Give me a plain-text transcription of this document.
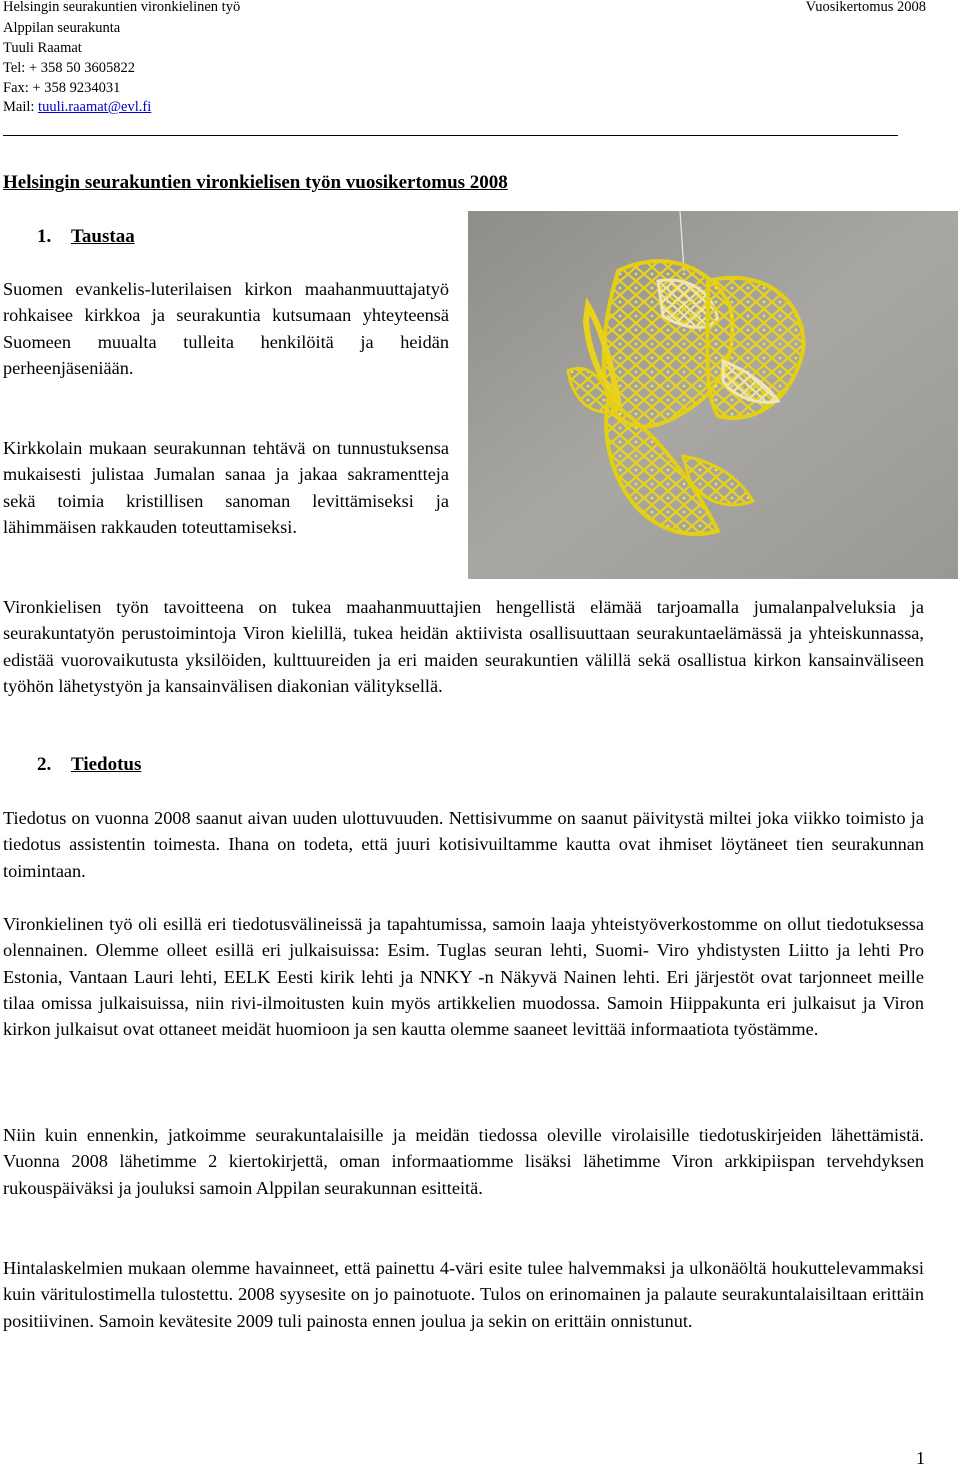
Helsingin seurakuntien vironkielinen työ	Vuosikertomus 2008
Alppilan seurakunta
Tuuli Raamat
Tel: + 358 50 3605822
Fax: + 358 9234031
Mail: tuuli.raamat@evl.fi
Helsingin seurakuntien vironkielisen työn vuosikertomus 2008
1. Taustaa
Suomen evankelis-luterilaisen kirkon maahanmuuttajatyö rohkaisee kirkkoa ja seurakuntia kutsumaan yhteyteensä Suomeen muualta tulleita henkilöitä ja heidän perheenjäseniään.
Kirkkolain mukaan seurakunnan tehtävä on tunnustuksensa mukaisesti julistaa Jumalan sanaa ja jakaa sakramentteja sekä toimia kristillisen sanoman levittämiseksi ja lähimmäisen rakkauden toteuttamiseksi.
Vironkielisen työn tavoitteena on tukea maahanmuuttajien hengellistä elämää tarjoamalla jumalanpalveluksia ja seurakuntatyön perustoimintoja Viron kielillä, tukea heidän aktiivista osallisuuttaan seurakuntaelämässä ja yhteiskunnassa, edistää vuorovaikutusta yksilöiden, kulttuureiden ja eri maiden seurakuntien välillä sekä osallistua kirkon kansainväliseen työhön lähetystyön ja kansainvälisen diakonian välityksellä.
2. Tiedotus
Tiedotus on vuonna 2008 saanut aivan uuden ulottuvuuden. Nettisivumme on saanut päivitystä miltei joka viikko toimisto ja tiedotus assistentin toimesta. Ihana on todeta, että juuri kotisivuiltamme kautta ovat ihmiset löytäneet tien seurakunnan toimintaan.
Vironkielinen työ oli esillä eri tiedotusvälineissä ja tapahtumissa, samoin laaja yhteistyöverkostomme on ollut tiedotuksessa olennainen. Olemme olleet esillä eri julkaisuissa: Esim. Tuglas seuran lehti, Suomi- Viro yhdistysten Liitto ja lehti Pro Estonia, Vantaan Lauri lehti, EELK Eesti kirik lehti ja NNKY -n Näkyvä Nainen lehti. Eri järjestöt ovat tarjonneet meille tilaa omissa julkaisuissa, niin rivi-ilmoitusten kuin myös artikkelien muodossa. Samoin Hiippakunta eri julkaisut ja Viron kirkon julkaisut ovat ottaneet meidät huomioon ja sen kautta olemme saaneet levittää informaatiota työstämme.
Niin kuin ennenkin, jatkoimme seurakuntalaisille ja meidän tiedossa oleville virolaisille tiedotuskirjeiden lähettämistä. Vuonna 2008 lähetimme 2 kiertokirjettä, oman informaatiomme lisäksi lähetimme Viron arkkipiispan tervehdyksen rukouspäiväksi ja jouluksi samoin Alppilan seurakunnan esitteitä.
Hintalaskelmien mukaan olemme havainneet, että painettu 4-väri esite tulee halvemmaksi ja ulkonäöltä houkuttelevammaksi kuin väritulostimella tulostettu. 2008 syysesite on jo painotuote. Tulos on erinomainen ja palaute seurakuntalaisiltaan erittäin positiivinen. Samoin kevätesite 2009 tuli painosta ennen joulua ja sekin on erittäin onnistunut.
1
